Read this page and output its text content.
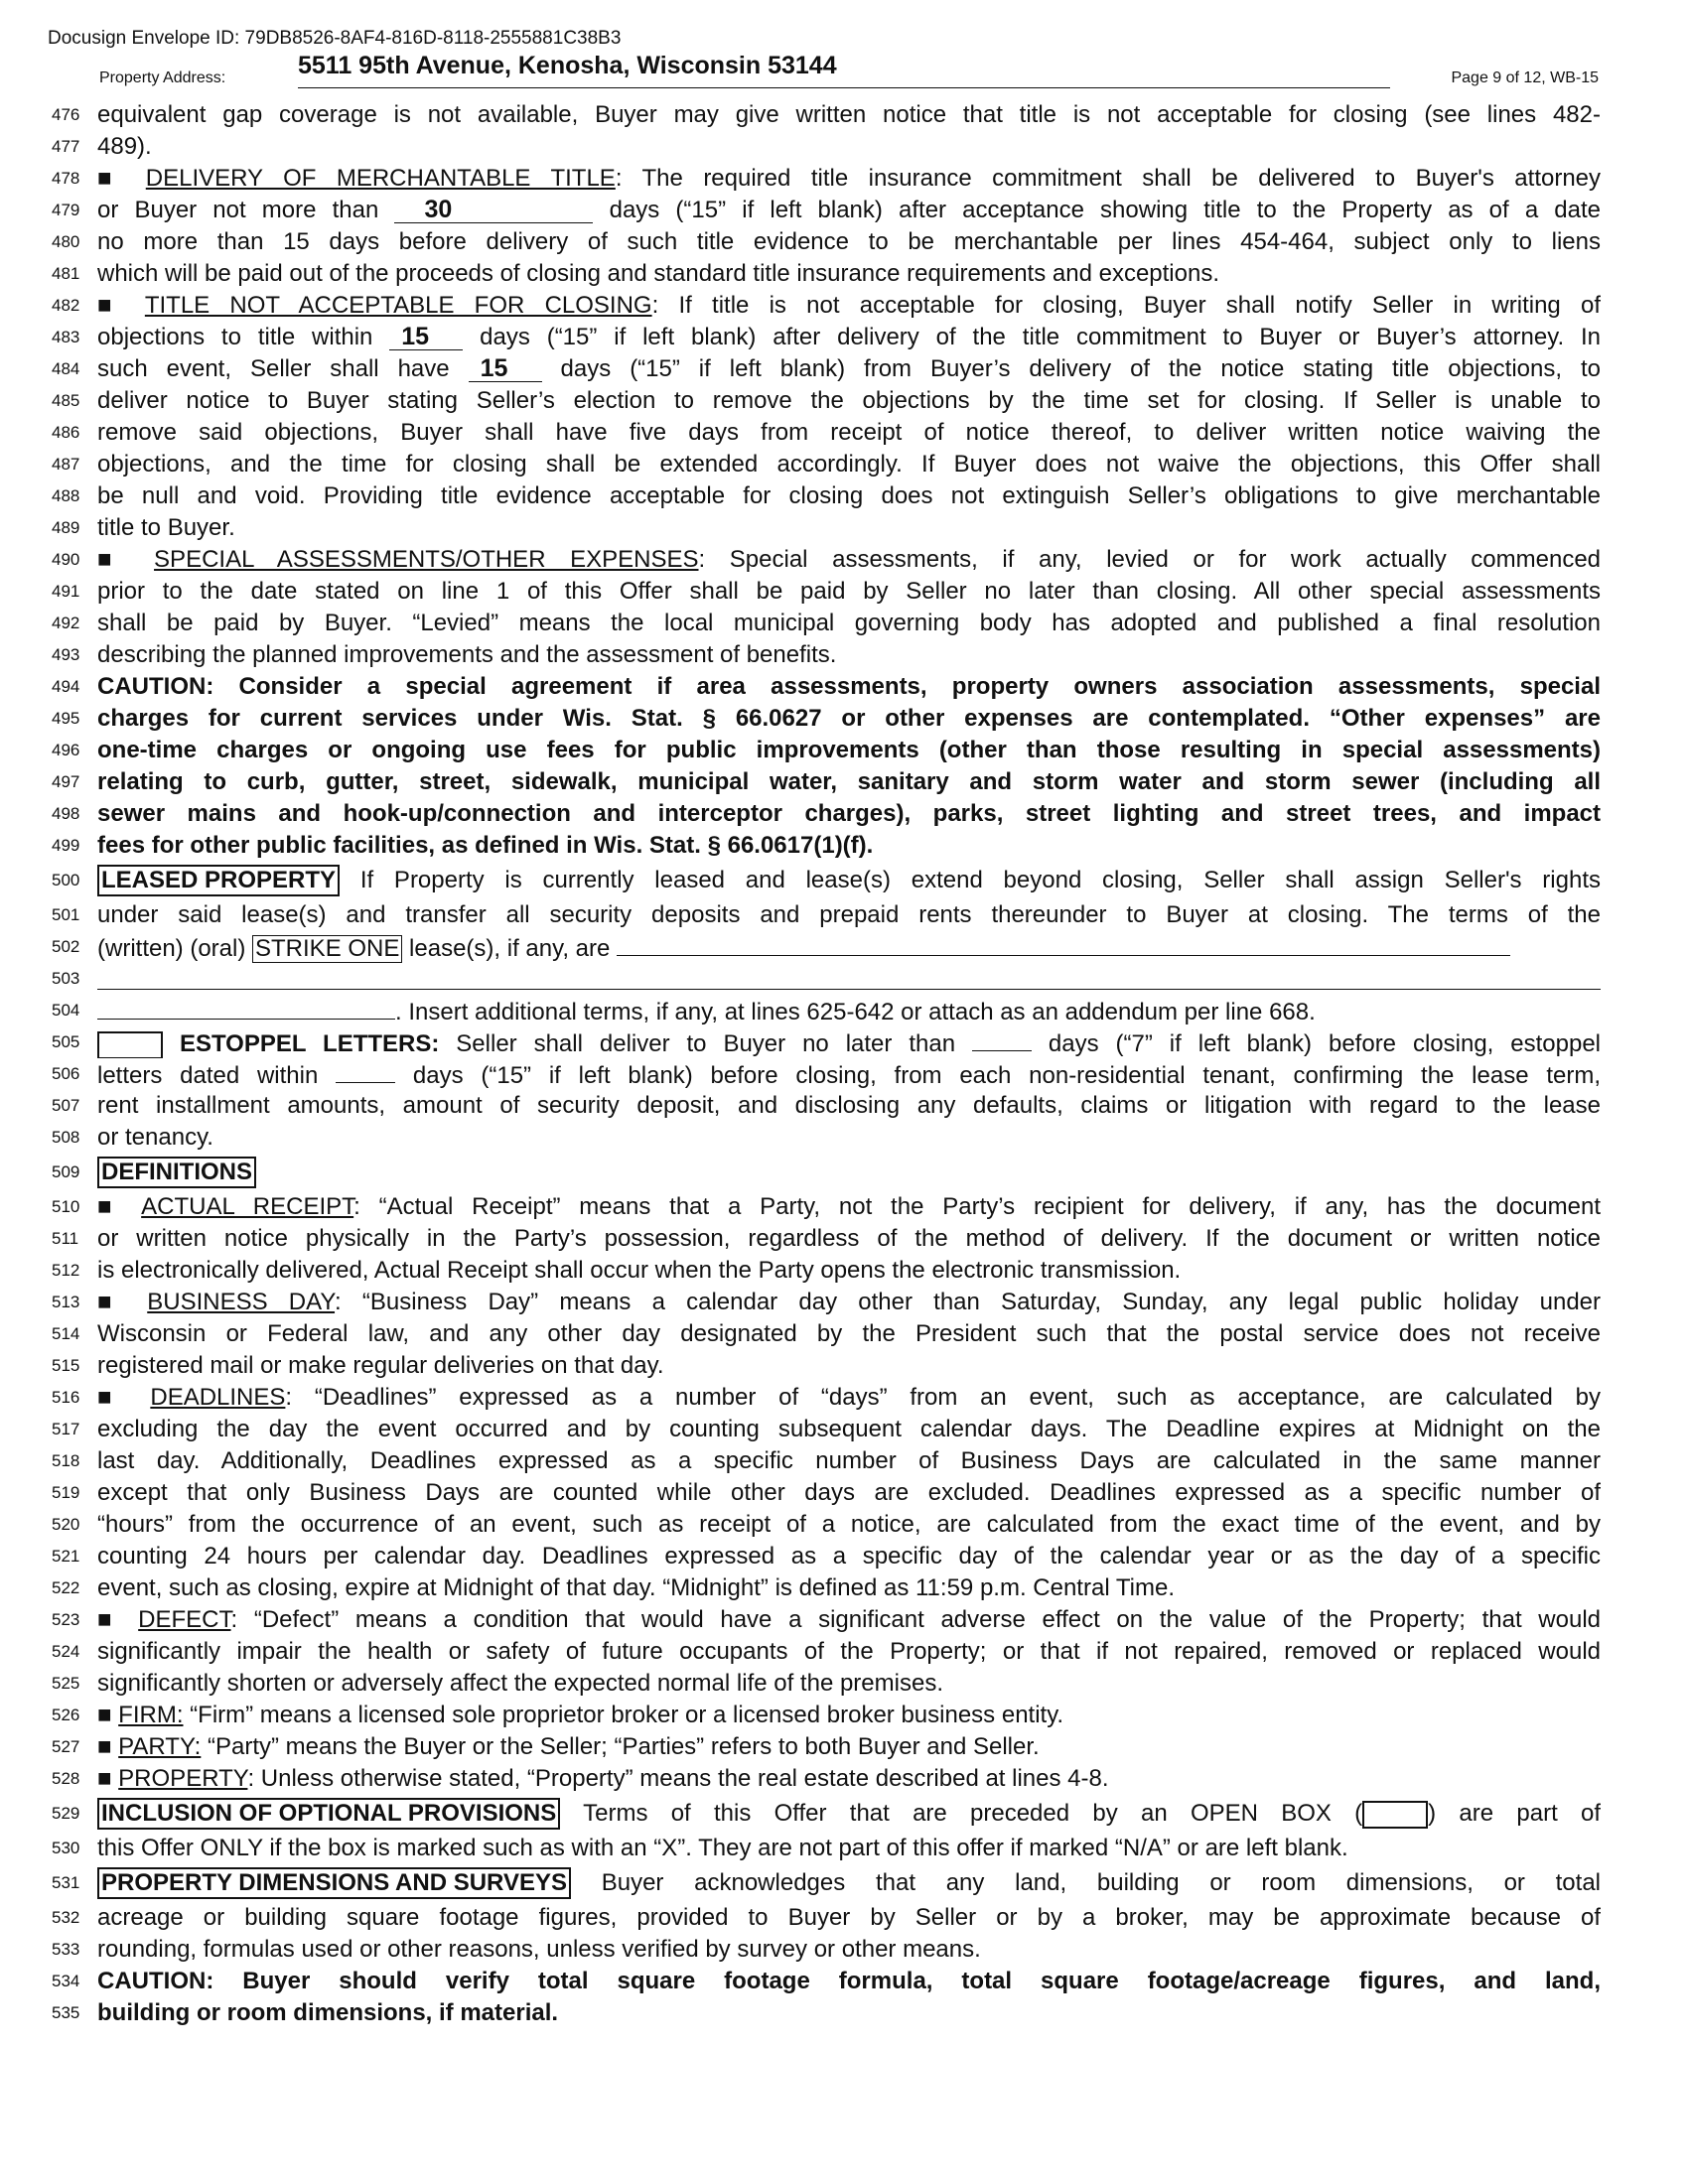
Docusign Envelope ID: 79DB8526-8AF4-816D-8118-2555881C38B3
Property Address:	5511 95th Avenue, Kenosha, Wisconsin 53144	Page 9 of 12, WB-15
476 equivalent gap coverage is not available, Buyer may give written notice that title is not acceptable for closing (see lines 482-
477 489).
478 ■ DELIVERY OF MERCHANTABLE TITLE: The required title insurance commitment shall be delivered to Buyer's attorney
479 or Buyer not more than 30	days (“15” if left blank) after acceptance showing title to the Property as of a date
480 no more than 15 days before delivery of such title evidence to be merchantable per lines 454-464, subject only to liens
481 which will be paid out of the proceeds of closing and standard title insurance requirements and exceptions.
482 ■ TITLE NOT ACCEPTABLE FOR CLOSING: If title is not acceptable for closing, Buyer shall notify Seller in writing of
483 objections to title within 15 days (“15” if left blank) after delivery of the title commitment to Buyer or Buyer’s attorney. In
484 such event, Seller shall have 15 days (“15” if left blank) from Buyer’s delivery of the notice stating title objections, to
485 deliver notice to Buyer stating Seller’s election to remove the objections by the time set for closing. If Seller is unable to
486 remove said objections, Buyer shall have five days from receipt of notice thereof, to deliver written notice waiving the
487 objections, and the time for closing shall be extended accordingly. If Buyer does not waive the objections, this Offer shall
488 be null and void. Providing title evidence acceptable for closing does not extinguish Seller’s obligations to give merchantable
489 title to Buyer.
490 ■ SPECIAL ASSESSMENTS/OTHER EXPENSES: Special assessments, if any, levied or for work actually commenced
491 prior to the date stated on line 1 of this Offer shall be paid by Seller no later than closing. All other special assessments
492 shall be paid by Buyer. “Levied” means the local municipal governing body has adopted and published a final resolution
493 describing the planned improvements and the assessment of benefits.
494 CAUTION: Consider a special agreement if area assessments, property owners association assessments, special
495 charges for current services under Wis. Stat. § 66.0627 or other expenses are contemplated. “Other expenses” are
496 one-time charges or ongoing use fees for public improvements (other than those resulting in special assessments)
497 relating to curb, gutter, street, sidewalk, municipal water, sanitary and storm water and storm sewer (including all
498 sewer mains and hook-up/connection and interceptor charges), parks, street lighting and street trees, and impact
499 fees for other public facilities, as defined in Wis. Stat. § 66.0617(1)(f).
500 LEASED PROPERTY If Property is currently leased and lease(s) extend beyond closing, Seller shall assign Seller's rights
501 under said lease(s) and transfer all security deposits and prepaid rents thereunder to Buyer at closing. The terms of the
502 (written) (oral) STRIKE ONE lease(s), if any, are
503
504	. Insert additional terms, if any, at lines 625-642 or attach as an addendum per line 668.
505	ESTOPPEL LETTERS: Seller shall deliver to Buyer no later than	days (“7” if left blank) before closing, estoppel
506 letters dated within	days (“15” if left blank) before closing, from each non-residential tenant, confirming the lease term,
507 rent installment amounts, amount of security deposit, and disclosing any defaults, claims or litigation with regard to the lease
508 or tenancy.
509 DEFINITIONS
510 ■ ACTUAL RECEIPT: “Actual Receipt” means that a Party, not the Party’s recipient for delivery, if any, has the document
511 or written notice physically in the Party’s possession, regardless of the method of delivery. If the document or written notice
512 is electronically delivered, Actual Receipt shall occur when the Party opens the electronic transmission.
513 ■ BUSINESS DAY: “Business Day” means a calendar day other than Saturday, Sunday, any legal public holiday under
514 Wisconsin or Federal law, and any other day designated by the President such that the postal service does not receive
515 registered mail or make regular deliveries on that day.
516 ■ DEADLINES: “Deadlines” expressed as a number of “days” from an event, such as acceptance, are calculated by
517 excluding the day the event occurred and by counting subsequent calendar days. The Deadline expires at Midnight on the
518 last day. Additionally, Deadlines expressed as a specific number of Business Days are calculated in the same manner
519 except that only Business Days are counted while other days are excluded. Deadlines expressed as a specific number of
520 “hours” from the occurrence of an event, such as receipt of a notice, are calculated from the exact time of the event, and by
521 counting 24 hours per calendar day. Deadlines expressed as a specific day of the calendar year or as the day of a specific
522 event, such as closing, expire at Midnight of that day. “Midnight” is defined as 11:59 p.m. Central Time.
523 ■ DEFECT: “Defect” means a condition that would have a significant adverse effect on the value of the Property; that would
524 significantly impair the health or safety of future occupants of the Property; or that if not repaired, removed or replaced would
525 significantly shorten or adversely affect the expected normal life of the premises.
526 ■ FIRM: “Firm” means a licensed sole proprietor broker or a licensed broker business entity.
527 ■ PARTY: “Party” means the Buyer or the Seller; “Parties” refers to both Buyer and Seller.
528 ■ PROPERTY: Unless otherwise stated, “Property” means the real estate described at lines 4-8.
529 INCLUSION OF OPTIONAL PROVISIONS Terms of this Offer that are preceded by an OPEN BOX (	) are part of
530 this Offer ONLY if the box is marked such as with an “X”. They are not part of this offer if marked “N/A” or are left blank.
531 PROPERTY DIMENSIONS AND SURVEYS Buyer acknowledges that any land, building or room dimensions, or total
532 acreage or building square footage figures, provided to Buyer by Seller or by a broker, may be approximate because of
533 rounding, formulas used or other reasons, unless verified by survey or other means.
534 CAUTION: Buyer should verify total square footage formula, total square footage/acreage figures, and land,
535 building or room dimensions, if material.
